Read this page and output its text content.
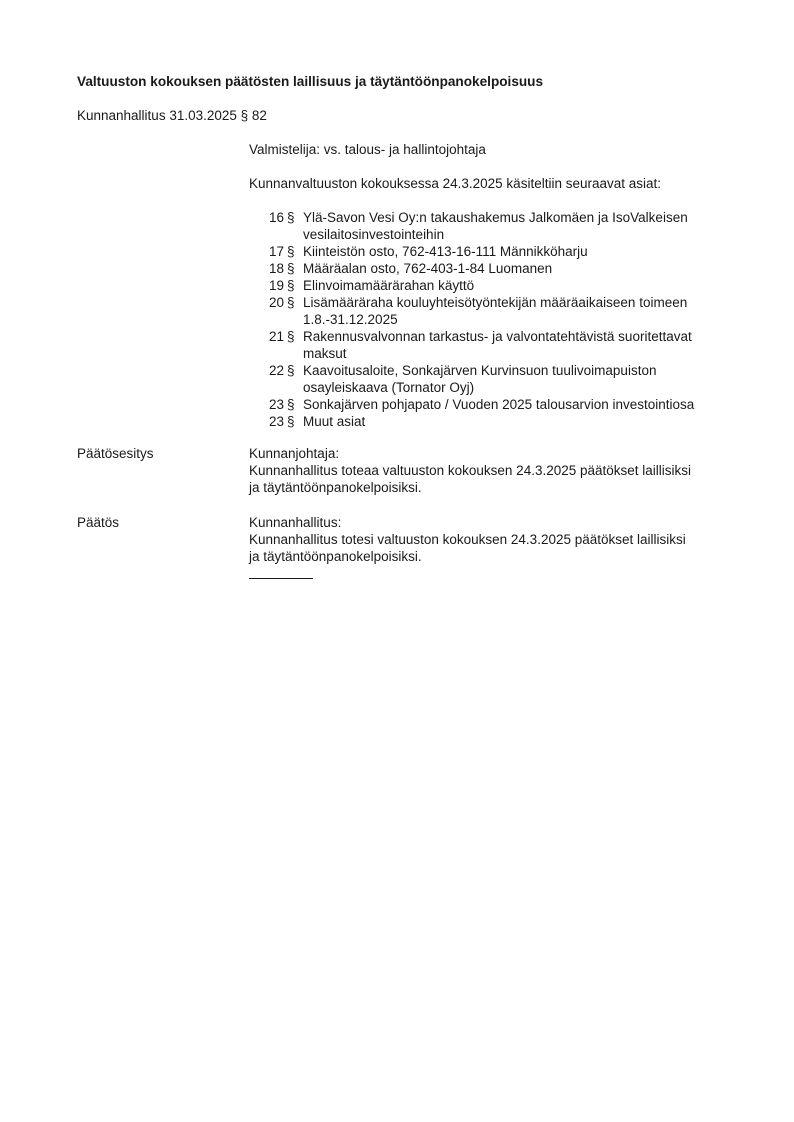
Valtuuston kokouksen päätösten laillisuus ja täytäntöönpanokelpoisuus
Kunnanhallitus 31.03.2025 § 82
Valmistelija: vs. talous- ja hallintojohtaja
Kunnanvaltuuston kokouksessa 24.3.2025 käsiteltiin seuraavat asiat:
16 § Ylä-Savon Vesi Oy:n takaushakemus Jalkomäen ja IsoValkeisen
vesilaitosinvestointeihin
17 § Kiinteistön osto, 762-413-16-111 Männikköharju
18 § Määräalan osto, 762-403-1-84 Luomanen
19 § Elinvoimamäärärahan käyttö
20 § Lisämääräraha kouluyhteisötyöntekijän määräaikaiseen toimeen
1.8.-31.12.2025
21 § Rakennusvalvonnan tarkastus- ja valvontatehtävistä suoritettavat
maksut
22 § Kaavoitusaloite, Sonkajärven Kurvinsuon tuulivoimapuiston
osayleiskaava (Tornator Oyj)
23 § Sonkajärven pohjapato / Vuoden 2025 talousarvion investointiosa
23 § Muut asiat
Päätösesitys	Kunnanjohtaja:
Kunnanhallitus toteaa valtuuston kokouksen 24.3.2025 päätökset laillisiksi
ja täytäntöönpanokelpoisiksi.
Päätös	Kunnanhallitus:
Kunnanhallitus totesi valtuuston kokouksen 24.3.2025 päätökset laillisiksi
ja täytäntöönpanokelpoisiksi.
